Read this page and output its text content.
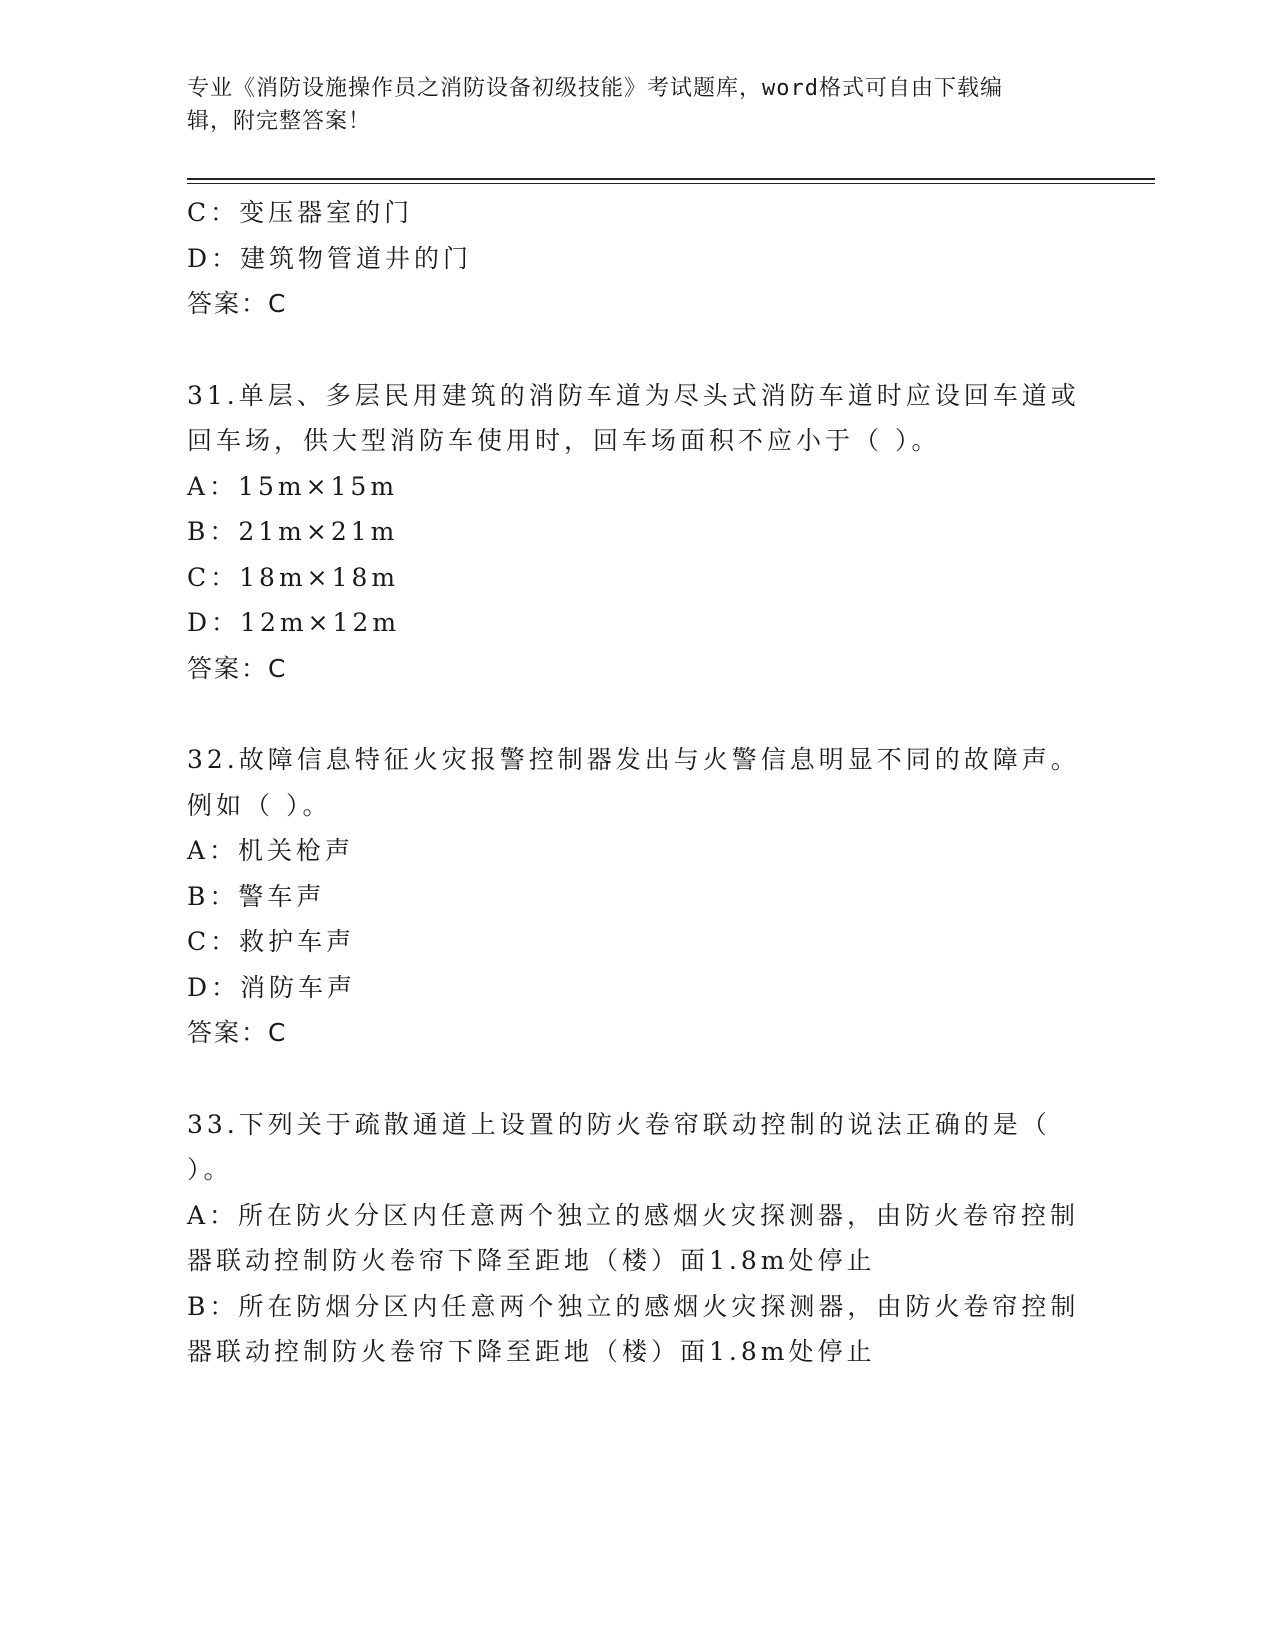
专业《消防设施操作员之消防设备初级技能》考试题库，word格式可自由下载编
辑，附完整答案！
C：变压器室的门
D：建筑物管道井的门
答案：C
31.单层、多层民用建筑的消防车道为尽头式消防车道时应设回车道或
回车场，供大型消防车使用时，回车场面积不应小于（ ）。
A：15m×15m
B：21m×21m
C：18m×18m
D：12m×12m
答案：C
32.故障信息特征火灾报警控制器发出与火警信息明显不同的故障声。
例如（ ）。
A：机关枪声
B：警车声
C：救护车声
D：消防车声
答案：C
33.下列关于疏散通道上设置的防火卷帘联动控制的说法正确的是（
）。
A：所在防火分区内任意两个独立的感烟火灾探测器，由防火卷帘控制
器联动控制防火卷帘下降至距地（楼）面1.8m处停止
B：所在防烟分区内任意两个独立的感烟火灾探测器，由防火卷帘控制
器联动控制防火卷帘下降至距地（楼）面1.8m处停止
